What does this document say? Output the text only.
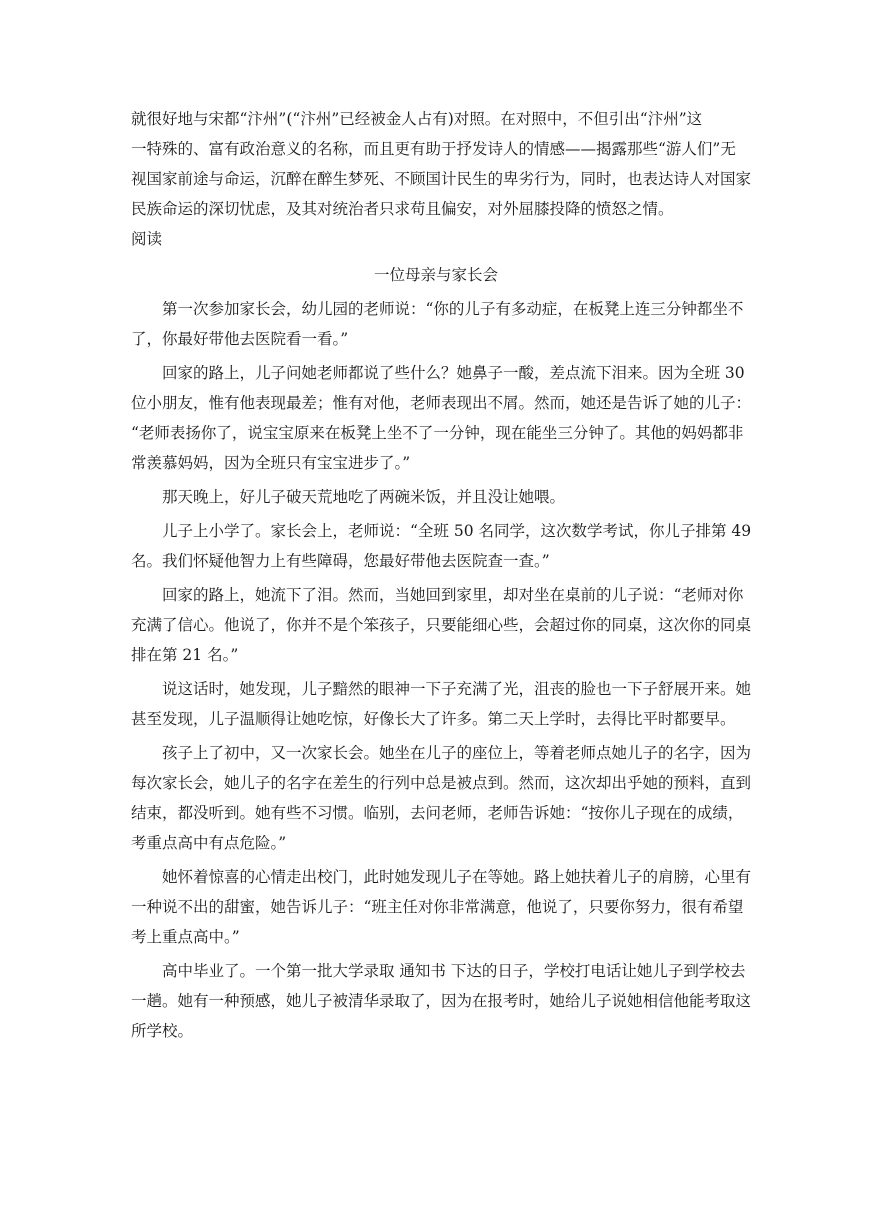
就很好地与宋都“汴州”(“汴州”已经被金人占有)对照。在对照中，不但引出“汴州”这
一特殊的、富有政治意义的名称，而且更有助于抒发诗人的情感——揭露那些“游人们”无
视国家前途与命运，沉醉在醉生梦死、不顾国计民生的卑劣行为，同时，也表达诗人对国家
民族命运的深切忧虑，及其对统治者只求苟且偏安，对外屈膝投降的愤怒之情。
阅读
一位母亲与家长会
第一次参加家长会，幼儿园的老师说：“你的儿子有多动症，在板凳上连三分钟都坐不
了，你最好带他去医院看一看。”
回家的路上，儿子问她老师都说了些什么？她鼻子一酸，差点流下泪来。因为全班 30
位小朋友，惟有他表现最差；惟有对他，老师表现出不屑。然而，她还是告诉了她的儿子：
“老师表扬你了，说宝宝原来在板凳上坐不了一分钟，现在能坐三分钟了。其他的妈妈都非
常羡慕妈妈，因为全班只有宝宝进步了。”
那天晚上，好儿子破天荒地吃了两碗米饭，并且没让她喂。
儿子上小学了。家长会上，老师说：“全班 50 名同学，这次数学考试，你儿子排第 49
名。我们怀疑他智力上有些障碍，您最好带他去医院查一查。”
回家的路上，她流下了泪。然而，当她回到家里，却对坐在桌前的儿子说：“老师对你
充满了信心。他说了，你并不是个笨孩子，只要能细心些，会超过你的同桌，这次你的同桌
排在第 21 名。”
说这话时，她发现，儿子黯然的眼神一下子充满了光，沮丧的脸也一下子舒展开来。她
甚至发现，儿子温顺得让她吃惊，好像长大了许多。第二天上学时，去得比平时都要早。
孩子上了初中，又一次家长会。她坐在儿子的座位上，等着老师点她儿子的名字，因为
每次家长会，她儿子的名字在差生的行列中总是被点到。然而，这次却出乎她的预料，直到
结束，都没听到。她有些不习惯。临别，去问老师，老师告诉她：“按你儿子现在的成绩，
考重点高中有点危险。”
她怀着惊喜的心情走出校门，此时她发现儿子在等她。路上她扶着儿子的肩膀，心里有
一种说不出的甜蜜，她告诉儿子：“班主任对你非常满意，他说了，只要你努力，很有希望
考上重点高中。”
高中毕业了。一个第一批大学录取 通知书 下达的日子，学校打电话让她儿子到学校去
一趟。她有一种预感，她儿子被清华录取了，因为在报考时，她给儿子说她相信他能考取这
所学校。
